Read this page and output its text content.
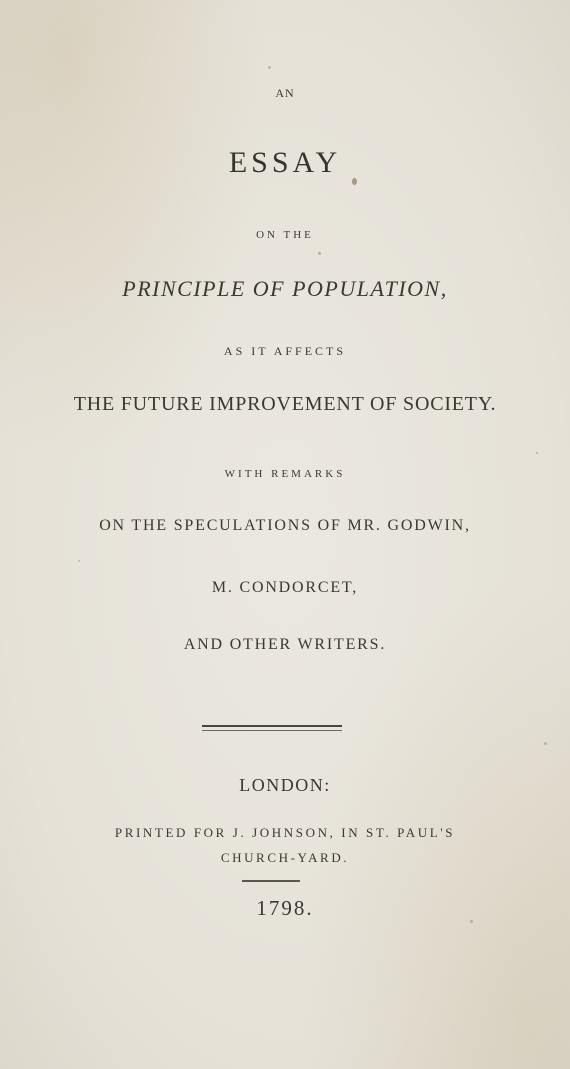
AN
ESSAY
ON THE
PRINCIPLE OF POPULATION,
AS IT AFFECTS
THE FUTURE IMPROVEMENT OF SOCIETY.
WITH REMARKS
ON THE SPECULATIONS OF MR. GODWIN,
M. CONDORCET,
AND OTHER WRITERS.
LONDON:
PRINTED FOR J. JOHNSON, IN ST. PAUL'S
CHURCH-YARD.
1798.
